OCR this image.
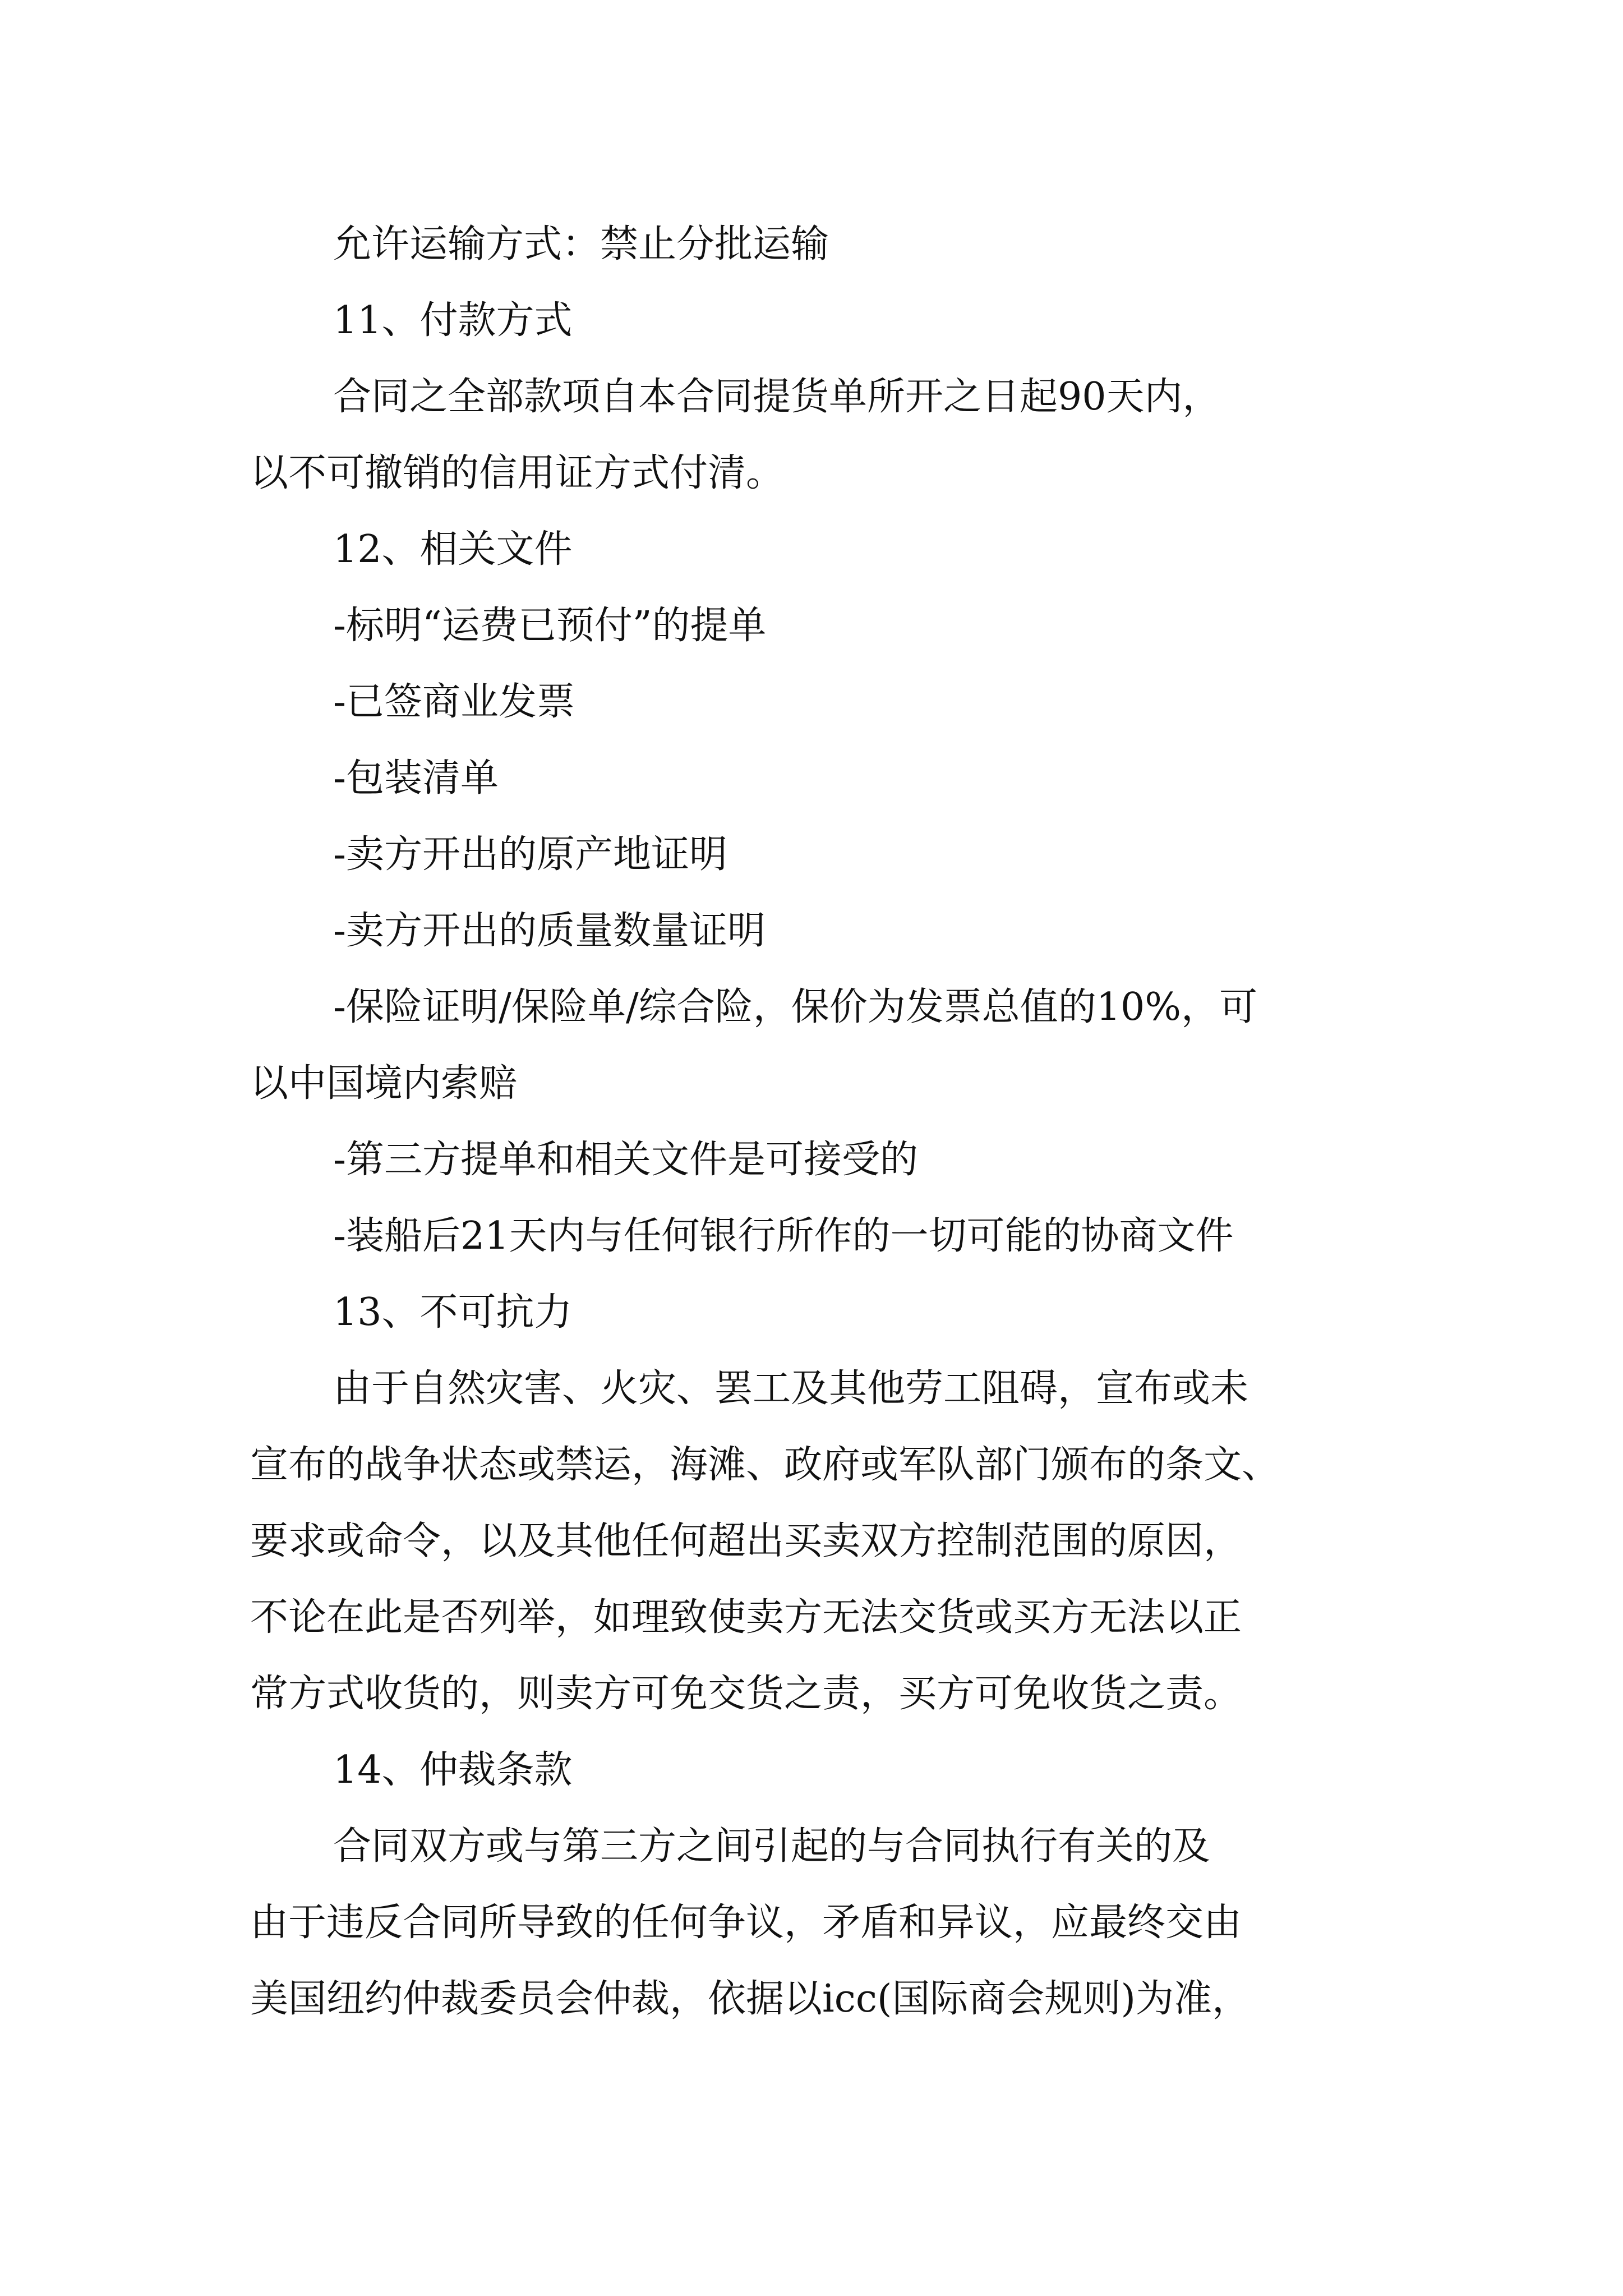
允许运输方式：禁止分批运输
11、付款方式
合同之全部款项自本合同提货单所开之日起90天内，
以不可撤销的信用证方式付清。
12、相关文件
-标明“运费已预付”的提单
-已签商业发票
-包装清单
-卖方开出的原产地证明
-卖方开出的质量数量证明
-保险证明/保险单/综合险，保价为发票总值的10%，可
以中国境内索赔
-第三方提单和相关文件是可接受的
-装船后21天内与任何银行所作的一切可能的协商文件
13、不可抗力
由于自然灾害、火灾、罢工及其他劳工阻碍，宣布或未
宣布的战争状态或禁运，海滩、政府或军队部门颁布的条文、
要求或命令，以及其他任何超出买卖双方控制范围的原因，
不论在此是否列举，如理致使卖方无法交货或买方无法以正
常方式收货的，则卖方可免交货之责，买方可免收货之责。
14、仲裁条款
合同双方或与第三方之间引起的与合同执行有关的及
由于违反合同所导致的任何争议，矛盾和异议，应最终交由
美国纽约仲裁委员会仲裁，依据以icc(国际商会规则)为准，
